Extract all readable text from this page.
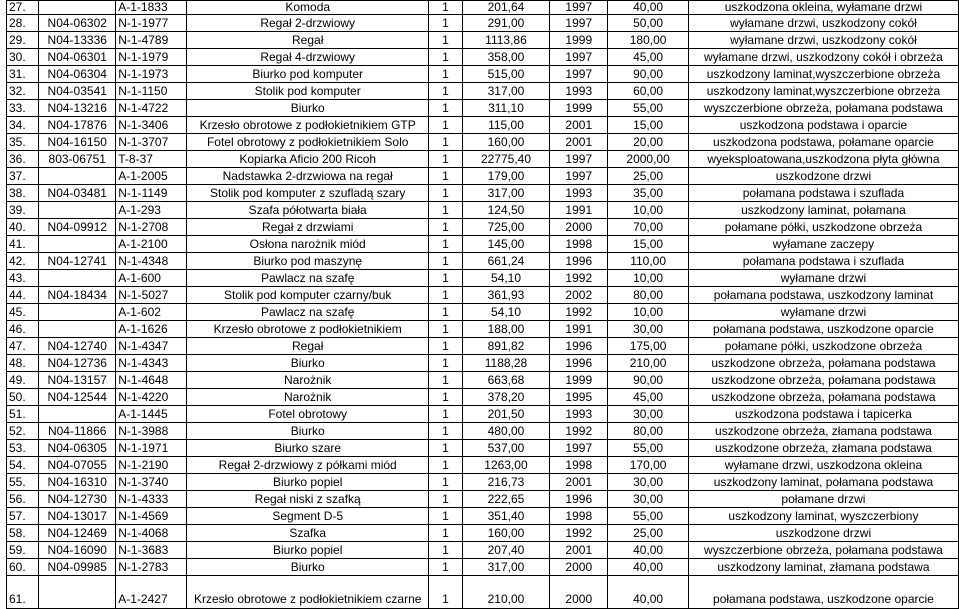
27.		A-1-1833	Komoda	1	201,64	1997	40,00	uszkodzona okleina, wyłamane drzwi
28.	N04-06302	N-1-1977	Regał 2-drzwiowy	1	291,00	1997	50,00	wyłamane drzwi, uszkodzony cokół
29.	N04-13336	N-1-4789	Regał	1	1113,86	1999	180,00	wyłamane drzwi, uszkodzony cokół
30.	N04-06301	N-1-1979	Regał 4-drzwiowy	1	358,00	1997	45,00	wyłamane drzwi, uszkodzony cokół i obrzeża
31.	N04-06304	N-1-1973	Biurko pod komputer	1	515,00	1997	90,00	uszkodzony laminat,wyszczerbione obrzeża
32.	N04-03541	N-1-1150	Stolik pod komputer	1	317,00	1993	60,00	uszkodzony laminat,wyszczerbione obrzeża
33.	N04-13216	N-1-4722	Biurko	1	311,10	1999	55,00	wyszczerbione obrzeża, połamana podstawa
34.	N04-17876	N-1-3406	Krzesło obrotowe z podłokietnikiem GTP	1	115,00	2001	15,00	uszkodzona podstawa i oparcie
35.	N04-16150	N-1-3707	Fotel obrotowy z podłokietnikiem Solo	1	160,00	2001	20,00	uszkodzona podstawa, połamane oparcie
36.	803-06751	T-8-37	Kopiarka Aficio 200 Ricoh	1	22775,40	1997	2000,00	wyeksploatowana,uszkodzona płyta główna
37.		A-1-2005	Nadstawka 2-drzwiowa na regał	1	179,00	1997	25,00	uszkodzone drzwi
38.	N04-03481	N-1-1149	Stolik pod komputer z szufladą szary	1	317,00	1993	35,00	połamana podstawa i szuflada
39.		A-1-293	Szafa półotwarta biała	1	124,50	1991	10,00	uszkodzony laminat, połamana
40.	N04-09912	N-1-2708	Regał z drzwiami	1	725,00	2000	70,00	połamane półki, uszkodzone obrzeża
41.		A-1-2100	Osłona narożnik miód	1	145,00	1998	15,00	wyłamane zaczepy
42.	N04-12741	N-1-4348	Biurko pod maszynę	1	661,24	1996	110,00	połamana podstawa i szuflada
43.		A-1-600	Pawlacz na szafę	1	54,10	1992	10,00	wyłamane drzwi
44.	N04-18434	N-1-5027	Stolik pod komputer czarny/buk	1	361,93	2002	80,00	połamana podstawa, uszkodzony laminat
45.		A-1-602	Pawlacz na szafę	1	54,10	1992	10,00	wyłamane drzwi
46.		A-1-1626	Krzesło obrotowe z podłokietnikiem	1	188,00	1991	30,00	połamana podstawa, uszkodzone oparcie
47.	N04-12740	N-1-4347	Regał	1	891,82	1996	175,00	połamane półki, uszkodzone obrzeża
48.	N04-12736	N-1-4343	Biurko	1	1188,28	1996	210,00	uszkodzone obrzeża, połamana podstawa
49.	N04-13157	N-1-4648	Narożnik	1	663,68	1999	90,00	uszkodzone obrzeża, połamana podstawa
50.	N04-12544	N-1-4220	Narożnik	1	378,20	1995	45,00	uszkodzone obrzeża, połamana podstawa
51.		A-1-1445	Fotel obrotowy	1	201,50	1993	30,00	uszkodzona podstawa i tapicerka
52.	N04-11866	N-1-3988	Biurko	1	480,00	1992	80,00	uszkodzone obrzeża, złamana podstawa
53.	N04-06305	N-1-1971	Biurko szare	1	537,00	1997	55,00	uszkodzone obrzeża, złamana podstawa
54.	N04-07055	N-1-2190	Regał 2-drzwiowy z półkami miód	1	1263,00	1998	170,00	wyłamane drzwi, uszkodzona okleina
55.	N04-16310	N-1-3740	Biurko popiel	1	216,73	2001	30,00	uszkodzony laminat, połamana podstawa
56.	N04-12730	N-1-4333	Regał niski z szafką	1	222,65	1996	30,00	połamane drzwi
57.	N04-13017	N-1-4569	Segment D-5	1	351,40	1998	55,00	uszkodzony laminat, wyszczerbiony
58.	N04-12469	N-1-4068	Szafka	1	160,00	1992	25,00	uszkodzone drzwi
59.	N04-16090	N-1-3683	Biurko popiel	1	207,40	2001	40,00	wyszczerbione obrzeża, połamana podstawa
60.	N04-09985	N-1-2783	Biurko	1	317,00	2000	40,00	uszkodzony laminat, złamana podstawa
61.		A-1-2427	Krzesło obrotowe z podłokietnikiem czarne	1	210,00	2000	40,00	połamana podstawa, uszkodzone oparcie
